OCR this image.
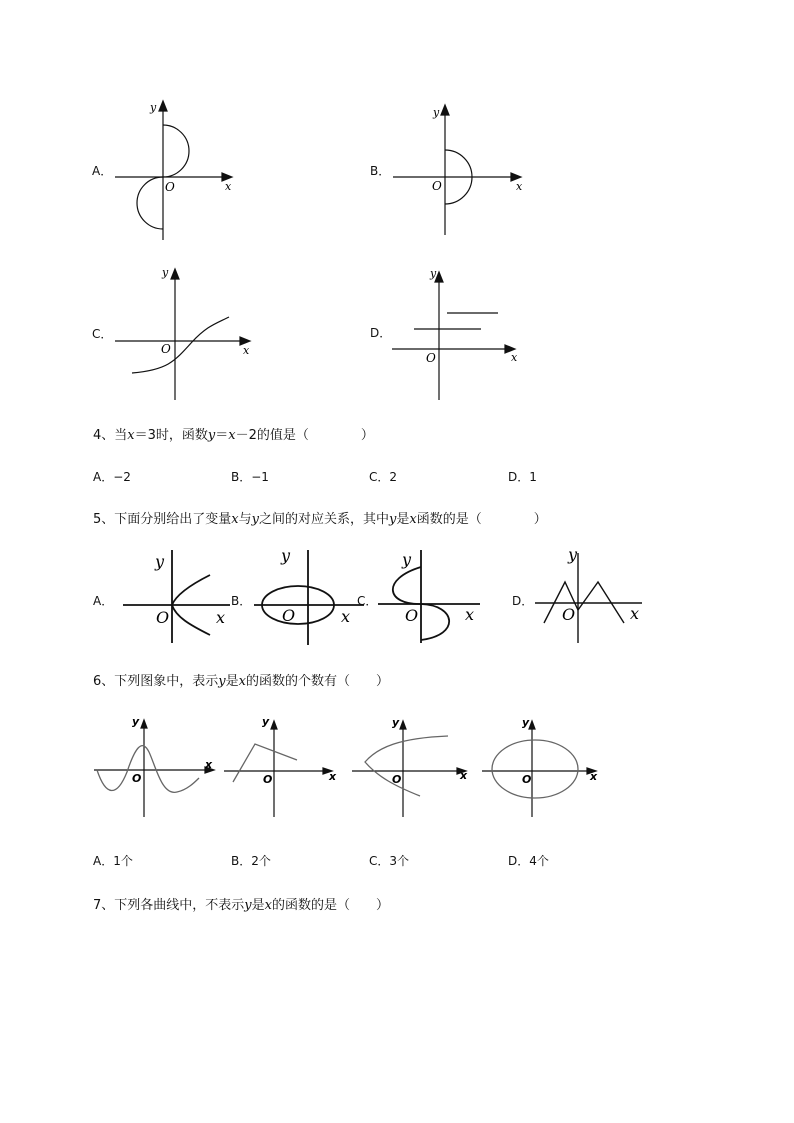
A．
y
x
O
B．
y
x
O
C．
y
x
O
D．
y
x
O
4、当x＝3时，函数y＝x－2的值是（　　　　）
A．−2	B．−1	C．2	D．1
5、下面分别给出了变量x与y之间的对应关系，其中y是x函数的是（　　　　）
A．
y
x
O
B．
y
x
O
C．
y
x
O
D．
y
x
O
6、下列图象中，表示y是x的函数的个数有（　　）
y
x
O
y
x
O
y
x
O
y
x
O
A．1个	B．2个	C．3个	D．4个
7、下列各曲线中，不表示y是x的函数的是（　　）
